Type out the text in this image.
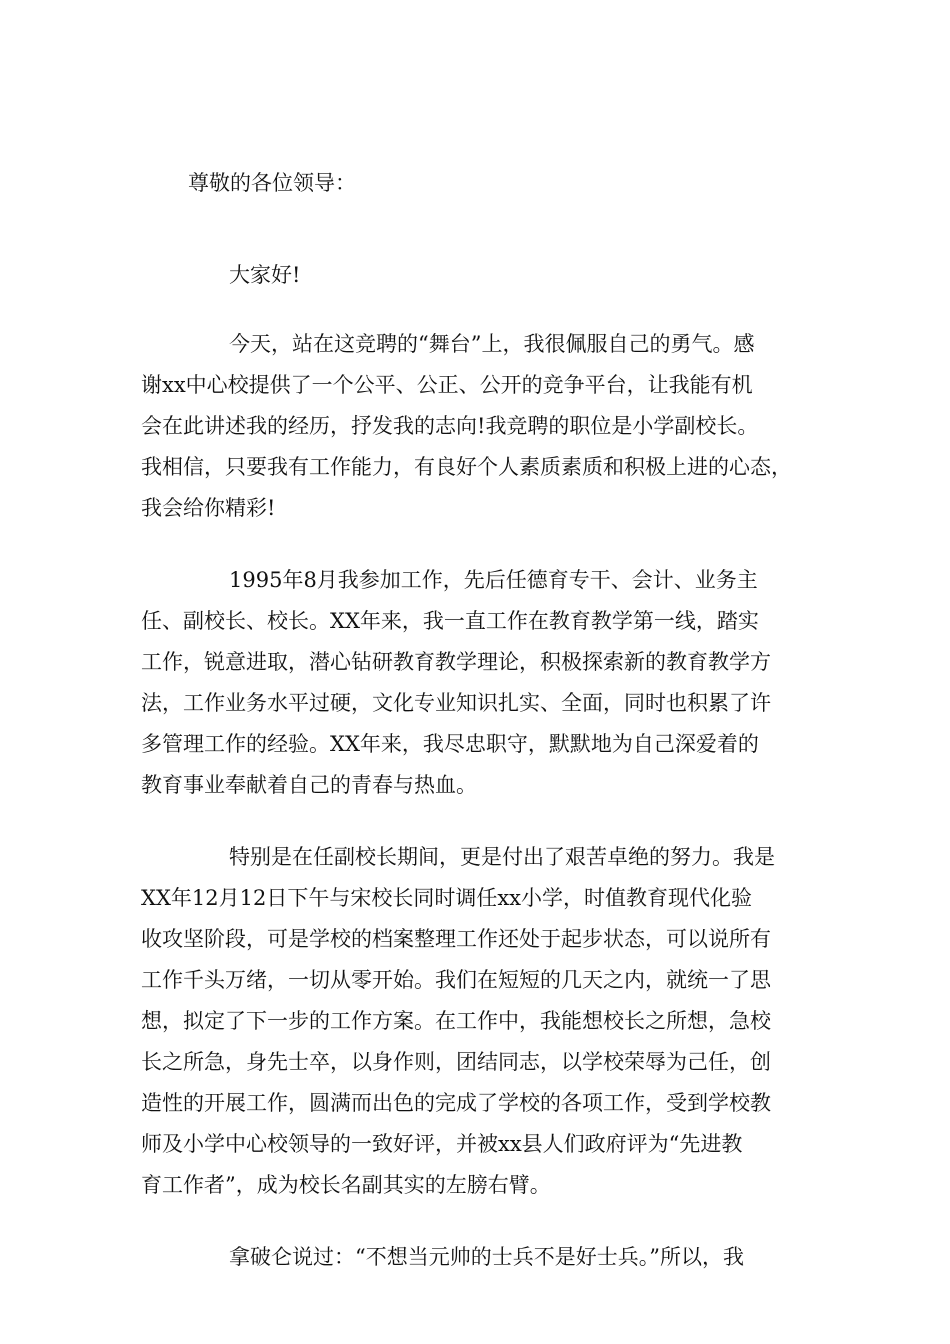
尊敬的各位领导：

大家好!

今天，站在这竞聘的“舞台”上，我很佩服自己的勇气。感
谢xx中心校提供了一个公平、公正、公开的竞争平台，让我能有机
会在此讲述我的经历，抒发我的志向!我竞聘的职位是小学副校长。
我相信，只要我有工作能力，有良好个人素质素质和积极上进的心态，
我会给你精彩!
1995年8月我参加工作，先后任德育专干、会计、业务主
任、副校长、校长。XX年来，我一直工作在教育教学第一线，踏实
工作，锐意进取，潜心钻研教育教学理论，积极探索新的教育教学方
法，工作业务水平过硬，文化专业知识扎实、全面，同时也积累了许
多管理工作的经验。XX年来，我尽忠职守，默默地为自己深爱着的
教育事业奉献着自己的青春与热血。
特别是在任副校长期间，更是付出了艰苦卓绝的努力。我是
XX年12月12日下午与宋校长同时调任xx小学，时值教育现代化验
收攻坚阶段，可是学校的档案整理工作还处于起步状态，可以说所有
工作千头万绪，一切从零开始。我们在短短的几天之内，就统一了思
想，拟定了下一步的工作方案。在工作中，我能想校长之所想，急校
长之所急，身先士卒，以身作则，团结同志，以学校荣辱为己任，创
造性的开展工作，圆满而出色的完成了学校的各项工作，受到学校教
师及小学中心校领导的一致好评，并被xx县人们政府评为“先进教
育工作者”，成为校长名副其实的左膀右臂。
拿破仑说过：“不想当元帅的士兵不是好士兵。”所以，我
